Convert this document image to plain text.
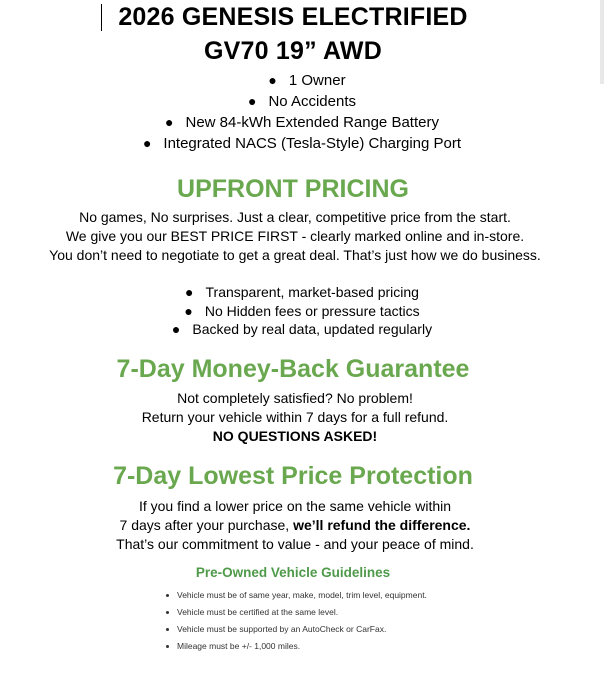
2026 GENESIS ELECTRIFIED
GV70 19” AWD
● 1 Owner
● No Accidents
● New 84-kWh Extended Range Battery
● Integrated NACS (Tesla-Style) Charging Port
UPFRONT PRICING
No games, No surprises. Just a clear, competitive price from the start.
We give you our BEST PRICE FIRST - clearly marked online and in-store.
You don’t need to negotiate to get a great deal. That’s just how we do business.
● Transparent, market-based pricing
● No Hidden fees or pressure tactics
● Backed by real data, updated regularly
7-Day Money-Back Guarantee
Not completely satisfied? No problem!
Return your vehicle within 7 days for a full refund.
NO QUESTIONS ASKED!
7-Day Lowest Price Protection
If you find a lower price on the same vehicle within
7 days after your purchase, we’ll refund the difference.
That’s our commitment to value - and your peace of mind.
Pre-Owned Vehicle Guidelines
Vehicle must be of same year, make, model, trim level, equipment.
Vehicle must be certified at the same level.
Vehicle must be supported by an AutoCheck or CarFax.
Mileage must be +/- 1,000 miles.
